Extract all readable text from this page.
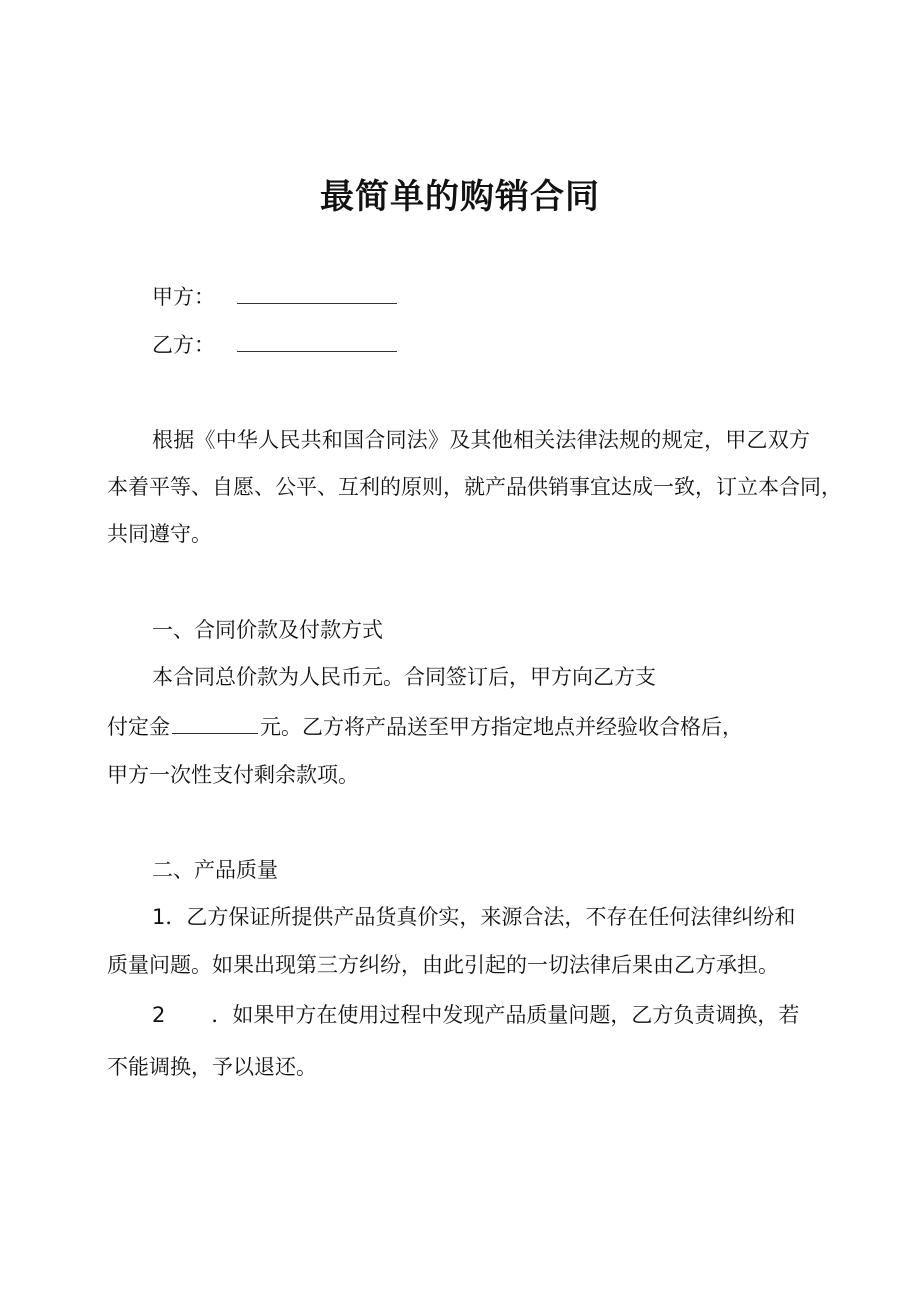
最简单的购销合同
甲方：
乙方：
根据《中华人民共和国合同法》及其他相关法律法规的规定，甲乙双方
本着平等、自愿、公平、互利的原则，就产品供销事宜达成一致，订立本合同，
共同遵守。
一、合同价款及付款方式
本合同总价款为人民币元。合同签订后，甲方向乙方支
付定金	元。乙方将产品送至甲方指定地点并经验收合格后，
甲方一次性支付剩余款项。
二、产品质量
1．乙方保证所提供产品货真价实，来源合法，不存在任何法律纠纷和
质量问题。如果出现第三方纠纷，由此引起的一切法律后果由乙方承担。
2 ．如果甲方在使用过程中发现产品质量问题，乙方负责调换，若
不能调换，予以退还。
